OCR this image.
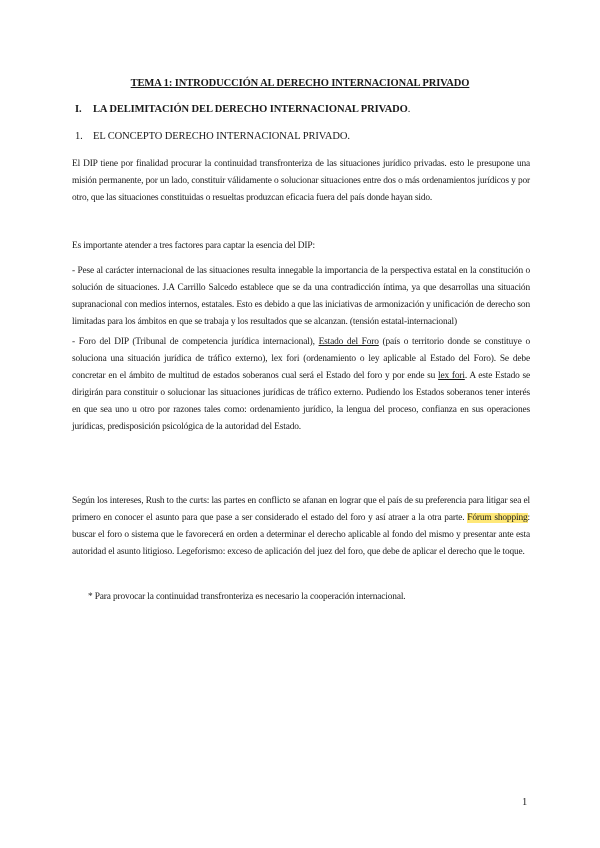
TEMA 1: INTRODUCCIÓN AL DERECHO INTERNACIONAL PRIVADO
I. LA DELIMITACIÓN DEL DERECHO INTERNACIONAL PRIVADO.
1. EL CONCEPTO DERECHO INTERNACIONAL PRIVADO.
El DIP tiene por finalidad procurar la continuidad transfronteriza de las situaciones jurídico privadas. esto le presupone una misión permanente, por un lado, constituir válidamente o solucionar situaciones entre dos o más ordenamientos jurídicos y por otro, que las situaciones constituidas o resueltas produzcan eficacia fuera del país donde hayan sido.
Es importante atender a tres factores para captar la esencia del DIP:
- Pese al carácter internacional de las situaciones resulta innegable la importancia de la perspectiva estatal en la constitución o solución de situaciones. J.A Carrillo Salcedo establece que se da una contradicción íntima, ya que desarrollas una situación supranacional con medios internos, estatales. Esto es debido a que las iniciativas de armonización y unificación de derecho son limitadas para los ámbitos en que se trabaja y los resultados que se alcanzan. (tensión estatal-internacional)
- Foro del DIP (Tribunal de competencia jurídica internacional), Estado del Foro (país o territorio donde se constituye o soluciona una situación jurídica de tráfico externo), lex fori (ordenamiento o ley aplicable al Estado del Foro). Se debe concretar en el ámbito de multitud de estados soberanos cual será el Estado del foro y por ende su lex fori. A este Estado se dirigirán para constituir o solucionar las situaciones jurídicas de tráfico externo. Pudiendo los Estados soberanos tener interés en que sea uno u otro por razones tales como: ordenamiento jurídico, la lengua del proceso, confianza en sus operaciones jurídicas, predisposición psicológica de la autoridad del Estado.
Según los intereses, Rush to the curts: las partes en conflicto se afanan en lograr que el país de su preferencia para litigar sea el primero en conocer el asunto para que pase a ser considerado el estado del foro y así atraer a la otra parte. Fórum shopping: buscar el foro o sistema que le favorecerá en orden a determinar el derecho aplicable al fondo del mismo y presentar ante esta autoridad el asunto litigioso. Legeforismo: exceso de aplicación del juez del foro, que debe de aplicar el derecho que le toque.
* Para provocar la continuidad transfronteriza es necesario la cooperación internacional.
1
